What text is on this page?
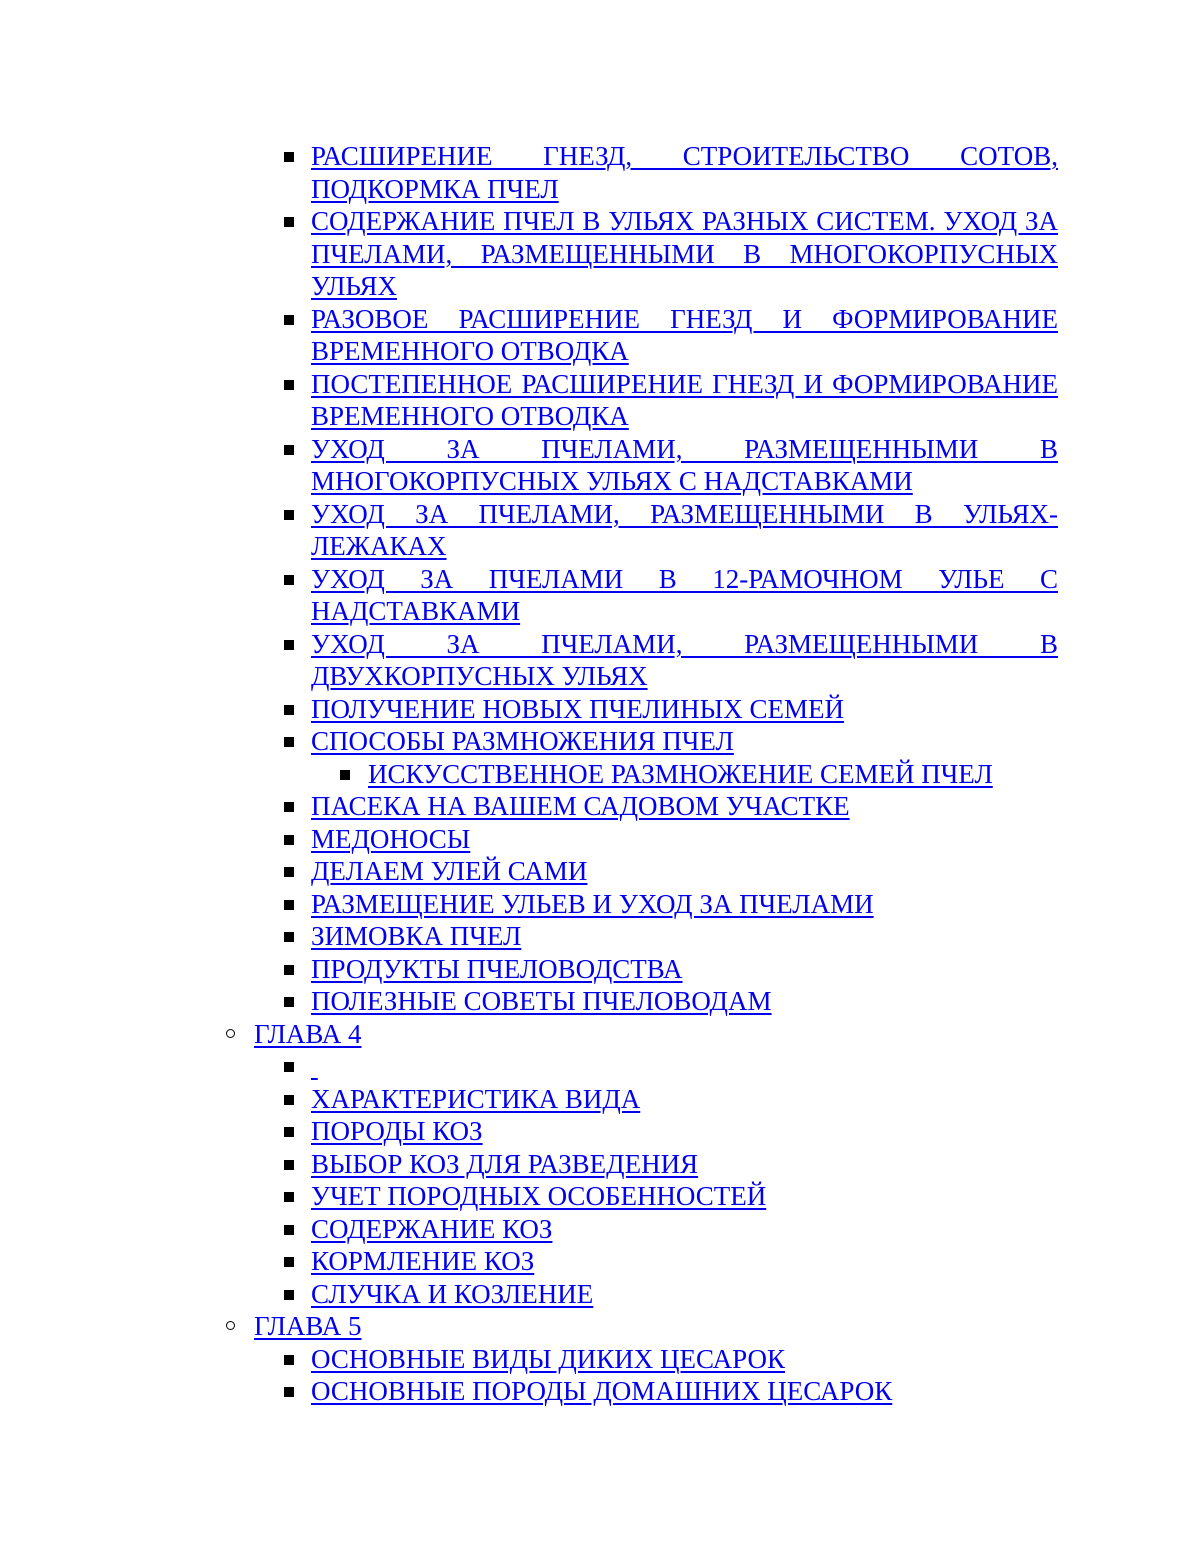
РАСШИРЕНИЕ ГНЕЗД, СТРОИТЕЛЬСТВО СОТОВ, ПОДКОРМКА ПЧЕЛ
СОДЕРЖАНИЕ ПЧЕЛ В УЛЬЯХ РАЗНЫХ СИСТЕМ. УХОД ЗА ПЧЕЛАМИ, РАЗМЕЩЕННЫМИ В МНОГОКОРПУСНЫХ УЛЬЯХ
РАЗОВОЕ РАСШИРЕНИЕ ГНЕЗД И ФОРМИРОВАНИЕ ВРЕМЕННОГО ОТВОДКА
ПОСТЕПЕННОЕ РАСШИРЕНИЕ ГНЕЗД И ФОРМИРОВАНИЕ ВРЕМЕННОГО ОТВОДКА
УХОД ЗА ПЧЕЛАМИ, РАЗМЕЩЕННЫМИ В МНОГОКОРПУСНЫХ УЛЬЯХ С НАДСТАВКАМИ
УХОД ЗА ПЧЕЛАМИ, РАЗМЕЩЕННЫМИ В УЛЬЯХ-ЛЕЖАКАХ
УХОД ЗА ПЧЕЛАМИ В 12-РАМОЧНОМ УЛЬЕ С НАДСТАВКАМИ
УХОД ЗА ПЧЕЛАМИ, РАЗМЕЩЕННЫМИ В ДВУХКОРПУСНЫХ УЛЬЯХ
ПОЛУЧЕНИЕ НОВЫХ ПЧЕЛИНЫХ СЕМЕЙ
СПОСОБЫ РАЗМНОЖЕНИЯ ПЧЕЛ
ИСКУССТВЕННОЕ РАЗМНОЖЕНИЕ СЕМЕЙ ПЧЕЛ
ПАСЕКА НА ВАШЕМ САДОВОМ УЧАСТКЕ
МЕДОНОСЫ
ДЕЛАЕМ УЛЕЙ САМИ
РАЗМЕЩЕНИЕ УЛЬЕВ И УХОД ЗА ПЧЕЛАМИ
ЗИМОВКА ПЧЕЛ
ПРОДУКТЫ ПЧЕЛОВОДСТВА
ПОЛЕЗНЫЕ СОВЕТЫ ПЧЕЛОВОДАМ
ГЛАВА 4

ХАРАКТЕРИСТИКА ВИДА
ПОРОДЫ КОЗ
ВЫБОР КОЗ ДЛЯ РАЗВЕДЕНИЯ
УЧЕТ ПОРОДНЫХ ОСОБЕННОСТЕЙ
СОДЕРЖАНИЕ КОЗ
КОРМЛЕНИЕ КОЗ
СЛУЧКА И КОЗЛЕНИЕ
ГЛАВА 5
ОСНОВНЫЕ ВИДЫ ДИКИХ ЦЕСАРОК
ОСНОВНЫЕ ПОРОДЫ ДОМАШНИХ ЦЕСАРОК
